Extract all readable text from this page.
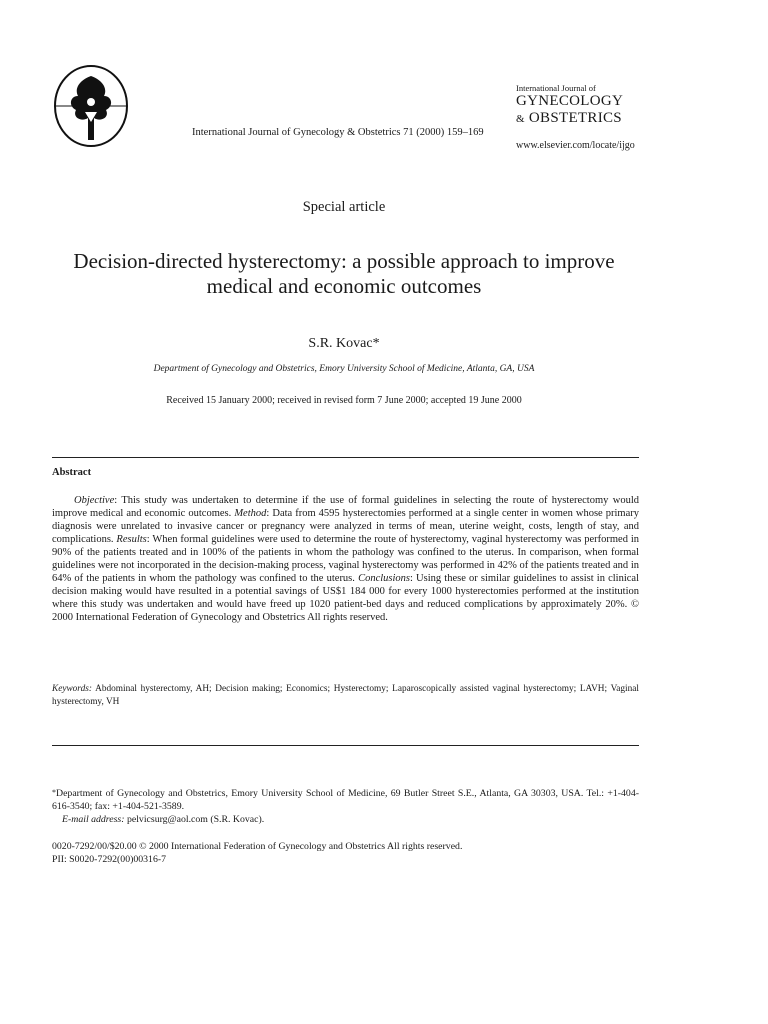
International Journal of Gynecology & Obstetrics 71 (2000) 159–169
International Journal of
GYNECOLOGY
& OBSTETRICS
www.elsevier.com/locate/ijgo
Special article
Decision-directed hysterectomy: a possible approach to improve medical and economic outcomes
S.R. Kovac*
Department of Gynecology and Obstetrics, Emory University School of Medicine, Atlanta, GA, USA
Received 15 January 2000; received in revised form 7 June 2000; accepted 19 June 2000
Abstract
Objective: This study was undertaken to determine if the use of formal guidelines in selecting the route of hysterectomy would improve medical and economic outcomes. Method: Data from 4595 hysterectomies performed at a single center in women whose primary diagnosis were unrelated to invasive cancer or pregnancy were analyzed in terms of mean, uterine weight, costs, length of stay, and complications. Results: When formal guidelines were used to determine the route of hysterectomy, vaginal hysterectomy was performed in 90% of the patients treated and in 100% of the patients in whom the pathology was confined to the uterus. In comparison, when formal guidelines were not incorporated in the decision-making process, vaginal hysterectomy was performed in 42% of the patients treated and in 64% of the patients in whom the pathology was confined to the uterus. Conclusions: Using these or similar guidelines to assist in clinical decision making would have resulted in a potential savings of US$1 184 000 for every 1000 hysterectomies performed at the institution where this study was undertaken and would have freed up 1020 patient-bed days and reduced complications by approximately 20%. © 2000 International Federation of Gynecology and Obstetrics All rights reserved.
Keywords: Abdominal hysterectomy, AH; Decision making; Economics; Hysterectomy; Laparoscopically assisted vaginal hysterectomy; LAVH; Vaginal hysterectomy, VH
*Department of Gynecology and Obstetrics, Emory University School of Medicine, 69 Butler Street S.E., Atlanta, GA 30303, USA. Tel.: +1-404-616-3540; fax: +1-404-521-3589.
E-mail address: pelvicsurg@aol.com (S.R. Kovac).
0020-7292/00/$20.00 © 2000 International Federation of Gynecology and Obstetrics All rights reserved.
PII: S0020-7292(00)00316-7
